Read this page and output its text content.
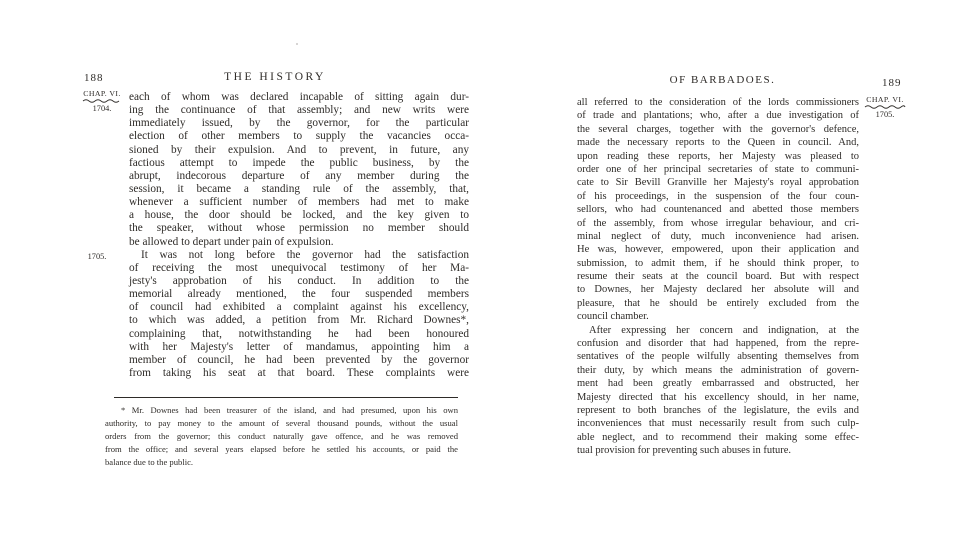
188	THE HISTORY
CHAP. VI.
1704.
1705.
each of whom was declared incapable of sitting again dur-
ing the continuance of that assembly; and new writs were
immediately issued, by the governor, for the particular
election of other members to supply the vacancies occa-
sioned by their expulsion. And to prevent, in future, any
factious attempt to impede the public business, by the
abrupt, indecorous departure of any member during the
session, it became a standing rule of the assembly, that,
whenever a sufficient number of members had met to make
a house, the door should be locked, and the key given to
the speaker, without whose permission no member should
be allowed to depart under pain of expulsion.
It was not long before the governor had the satisfaction
of receiving the most unequivocal testimony of her Ma-
jesty's approbation of his conduct. In addition to the
memorial already mentioned, the four suspended members
of council had exhibited a complaint against his excellency,
to which was added, a petition from Mr. Richard Downes*,
complaining that, notwithstanding he had been honoured
with her Majesty's letter of mandamus, appointing him a
member of council, he had been prevented by the governor
from taking his seat at that board. These complaints were
* Mr. Downes had been treasurer of the island, and had presumed, upon his own
authority, to pay money to the amount of several thousand pounds, without the usual
orders from the governor; this conduct naturally gave offence, and he was removed
from the office; and several years elapsed before he settled his accounts, or paid the
balance due to the public.
OF BARBADOES.	189
CHAP. VI.
1705.
all referred to the consideration of the lords commissioners
of trade and plantations; who, after a due investigation of
the several charges, together with the governor's defence,
made the necessary reports to the Queen in council. And,
upon reading these reports, her Majesty was pleased to
order one of her principal secretaries of state to communi-
cate to Sir Bevill Granville her Majesty's royal approbation
of his proceedings, in the suspension of the four coun-
sellors, who had countenanced and abetted those members
of the assembly, from whose irregular behaviour, and cri-
minal neglect of duty, much inconvenience had arisen.
He was, however, empowered, upon their application and
submission, to admit them, if he should think proper, to
resume their seats at the council board. But with respect
to Downes, her Majesty declared her absolute will and
pleasure, that he should be entirely excluded from the
council chamber.
After expressing her concern and indignation, at the
confusion and disorder that had happened, from the repre-
sentatives of the people wilfully absenting themselves from
their duty, by which means the administration of govern-
ment had been greatly embarrassed and obstructed, her
Majesty directed that his excellency should, in her name,
represent to both branches of the legislature, the evils and
inconveniences that must necessarily result from such culp-
able neglect, and to recommend their making some effec-
tual provision for preventing such abuses in future.
